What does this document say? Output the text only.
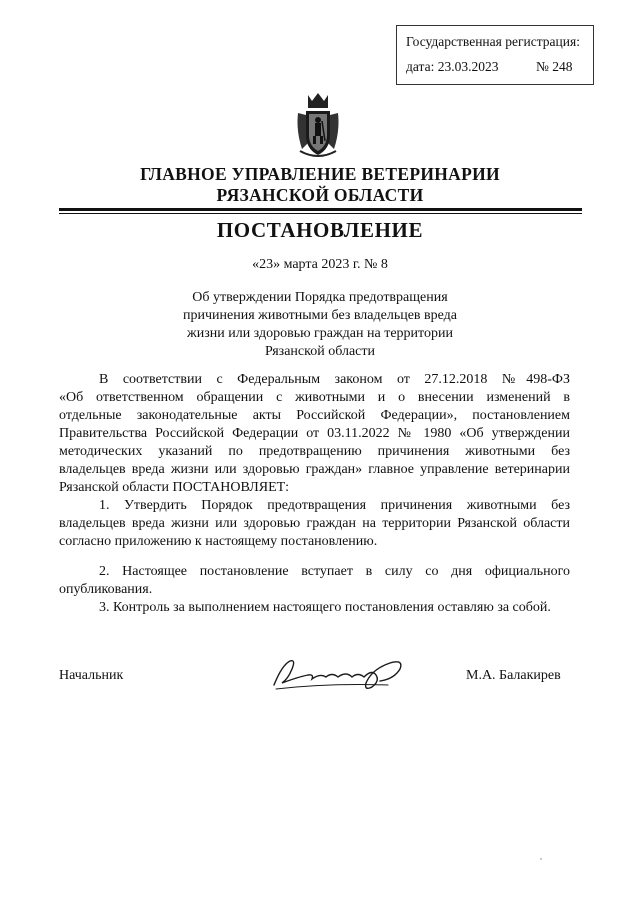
Государственная регистрация:
дата: 23.03.2023	№ 248
ГЛАВНОЕ УПРАВЛЕНИЕ ВЕТЕРИНАРИИ
РЯЗАНСКОЙ ОБЛАСТИ
ПОСТАНОВЛЕНИЕ
«23» марта 2023 г. № 8
Об утверждении Порядка предотвращения
причинения животными без владельцев вреда
жизни или здоровью граждан на территории
Рязанской области
В соответствии с Федеральным законом от 27.12.2018 №498-ФЗ
«Об ответственном обращении с животными и о внесении изменений в
отдельные законодательные акты Российской Федерации», постановлением
Правительства Российской Федерации от 03.11.2022 № 1980 «Об утверждении
методических указаний по предотвращению причинения животными без
владельцев вреда жизни или здоровью граждан» главное управление ветеринарии
Рязанской области ПОСТАНОВЛЯЕТ:
1. Утвердить Порядок предотвращения причинения животными без
владельцев вреда жизни или здоровью граждан на территории Рязанской области
согласно приложению к настоящему постановлению.
2. Настоящее постановление вступает в силу со дня официального
опубликования.
3. Контроль за выполнением настоящего постановления оставляю за собой.
Начальник	М.А. Балакирев
